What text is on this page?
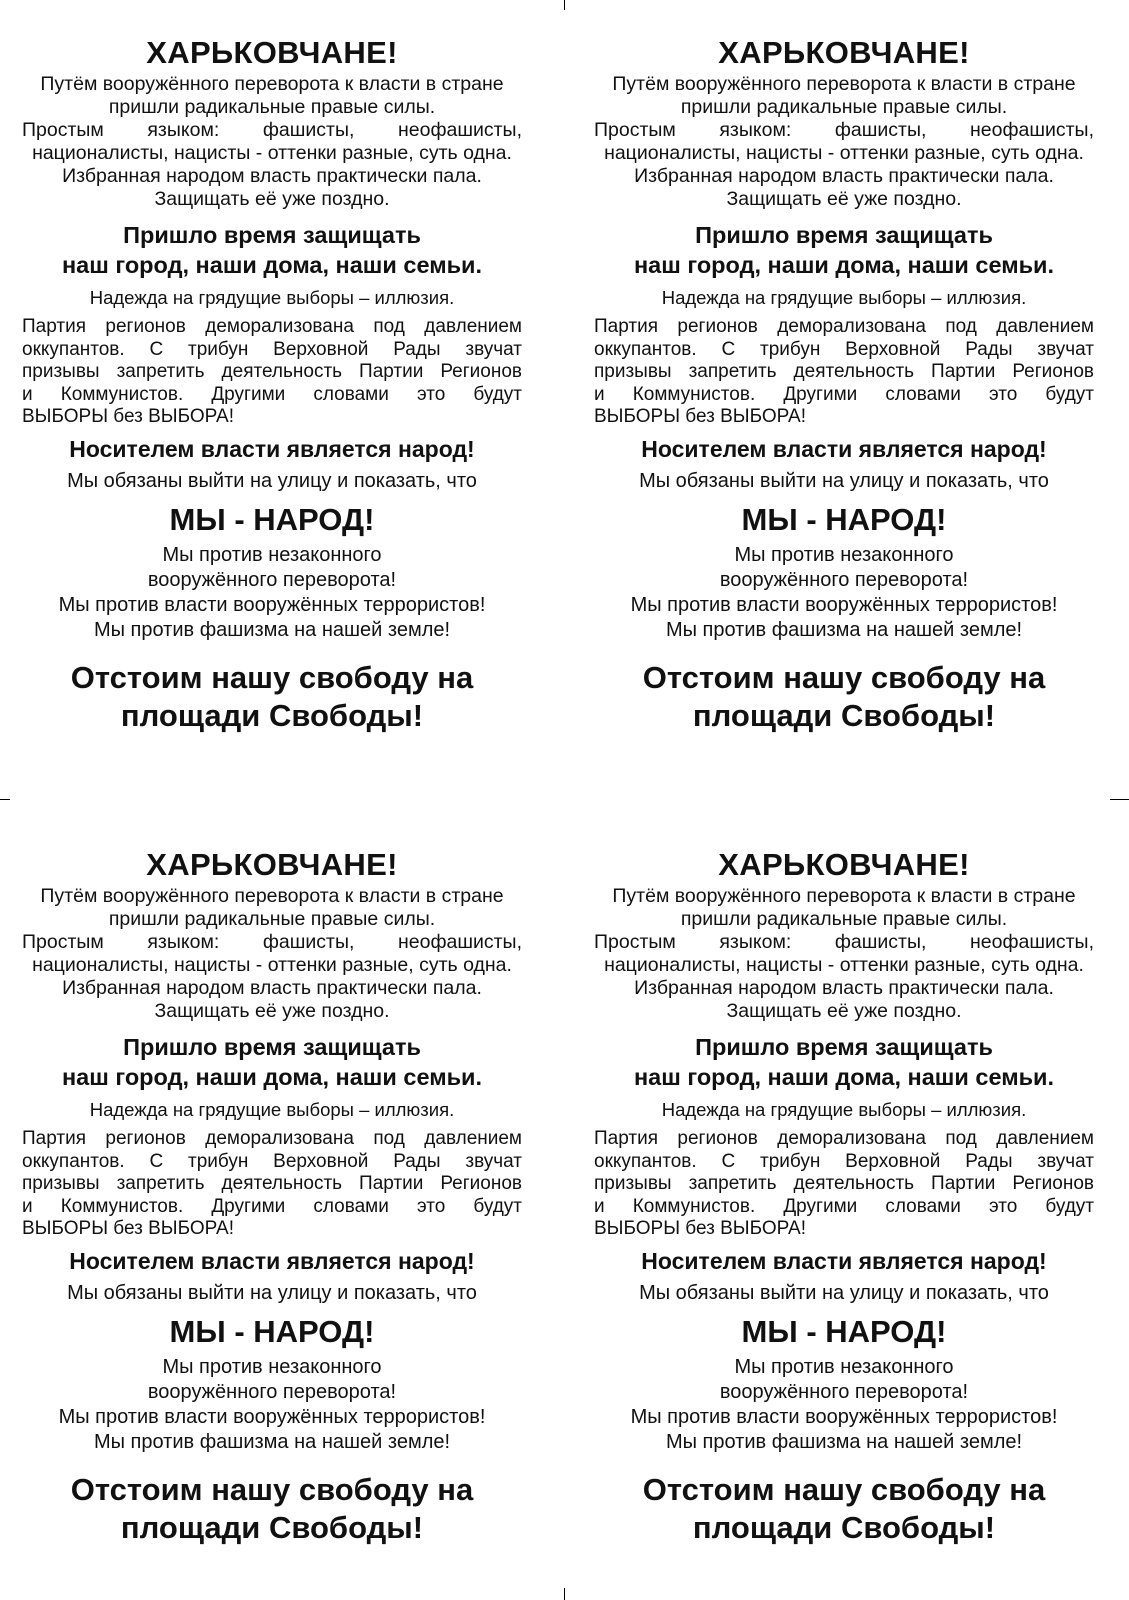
ХАРЬКОВЧАНЕ!
Путём вооружённого переворота к власти в стране
пришли радикальные правые силы.
Простым языком: фашисты, неофашисты,
националисты, нацисты - оттенки разные, суть одна.
Избранная народом власть практически пала.
Защищать её уже поздно.
Пришло время защищать
наш город, наши дома, наши семьи.
Надежда на грядущие выборы – иллюзия.
Партия регионов деморализована под давлением
оккупантов. С трибун Верховной Рады звучат
призывы запретить деятельность Партии Регионов
и Коммунистов. Другими словами это будут
ВЫБОРЫ без ВЫБОРА!
Носителем власти является народ!
Мы обязаны выйти на улицу и показать, что
МЫ - НАРОД!
Мы против незаконного
вооружённого переворота!
Мы против власти вооружённых террористов!
Мы против фашизма на нашей земле!
Отстоим нашу свободу на
площади Свободы!
ХАРЬКОВЧАНЕ!
Путём вооружённого переворота к власти в стране
пришли радикальные правые силы.
Простым языком: фашисты, неофашисты,
националисты, нацисты - оттенки разные, суть одна.
Избранная народом власть практически пала.
Защищать её уже поздно.
Пришло время защищать
наш город, наши дома, наши семьи.
Надежда на грядущие выборы – иллюзия.
Партия регионов деморализована под давлением
оккупантов. С трибун Верховной Рады звучат
призывы запретить деятельность Партии Регионов
и Коммунистов. Другими словами это будут
ВЫБОРЫ без ВЫБОРА!
Носителем власти является народ!
Мы обязаны выйти на улицу и показать, что
МЫ - НАРОД!
Мы против незаконного
вооружённого переворота!
Мы против власти вооружённых террористов!
Мы против фашизма на нашей земле!
Отстоим нашу свободу на
площади Свободы!
ХАРЬКОВЧАНЕ!
Путём вооружённого переворота к власти в стране
пришли радикальные правые силы.
Простым языком: фашисты, неофашисты,
националисты, нацисты - оттенки разные, суть одна.
Избранная народом власть практически пала.
Защищать её уже поздно.
Пришло время защищать
наш город, наши дома, наши семьи.
Надежда на грядущие выборы – иллюзия.
Партия регионов деморализована под давлением
оккупантов. С трибун Верховной Рады звучат
призывы запретить деятельность Партии Регионов
и Коммунистов. Другими словами это будут
ВЫБОРЫ без ВЫБОРА!
Носителем власти является народ!
Мы обязаны выйти на улицу и показать, что
МЫ - НАРОД!
Мы против незаконного
вооружённого переворота!
Мы против власти вооружённых террористов!
Мы против фашизма на нашей земле!
Отстоим нашу свободу на
площади Свободы!
ХАРЬКОВЧАНЕ!
Путём вооружённого переворота к власти в стране
пришли радикальные правые силы.
Простым языком: фашисты, неофашисты,
националисты, нацисты - оттенки разные, суть одна.
Избранная народом власть практически пала.
Защищать её уже поздно.
Пришло время защищать
наш город, наши дома, наши семьи.
Надежда на грядущие выборы – иллюзия.
Партия регионов деморализована под давлением
оккупантов. С трибун Верховной Рады звучат
призывы запретить деятельность Партии Регионов
и Коммунистов. Другими словами это будут
ВЫБОРЫ без ВЫБОРА!
Носителем власти является народ!
Мы обязаны выйти на улицу и показать, что
МЫ - НАРОД!
Мы против незаконного
вооружённого переворота!
Мы против власти вооружённых террористов!
Мы против фашизма на нашей земле!
Отстоим нашу свободу на
площади Свободы!
